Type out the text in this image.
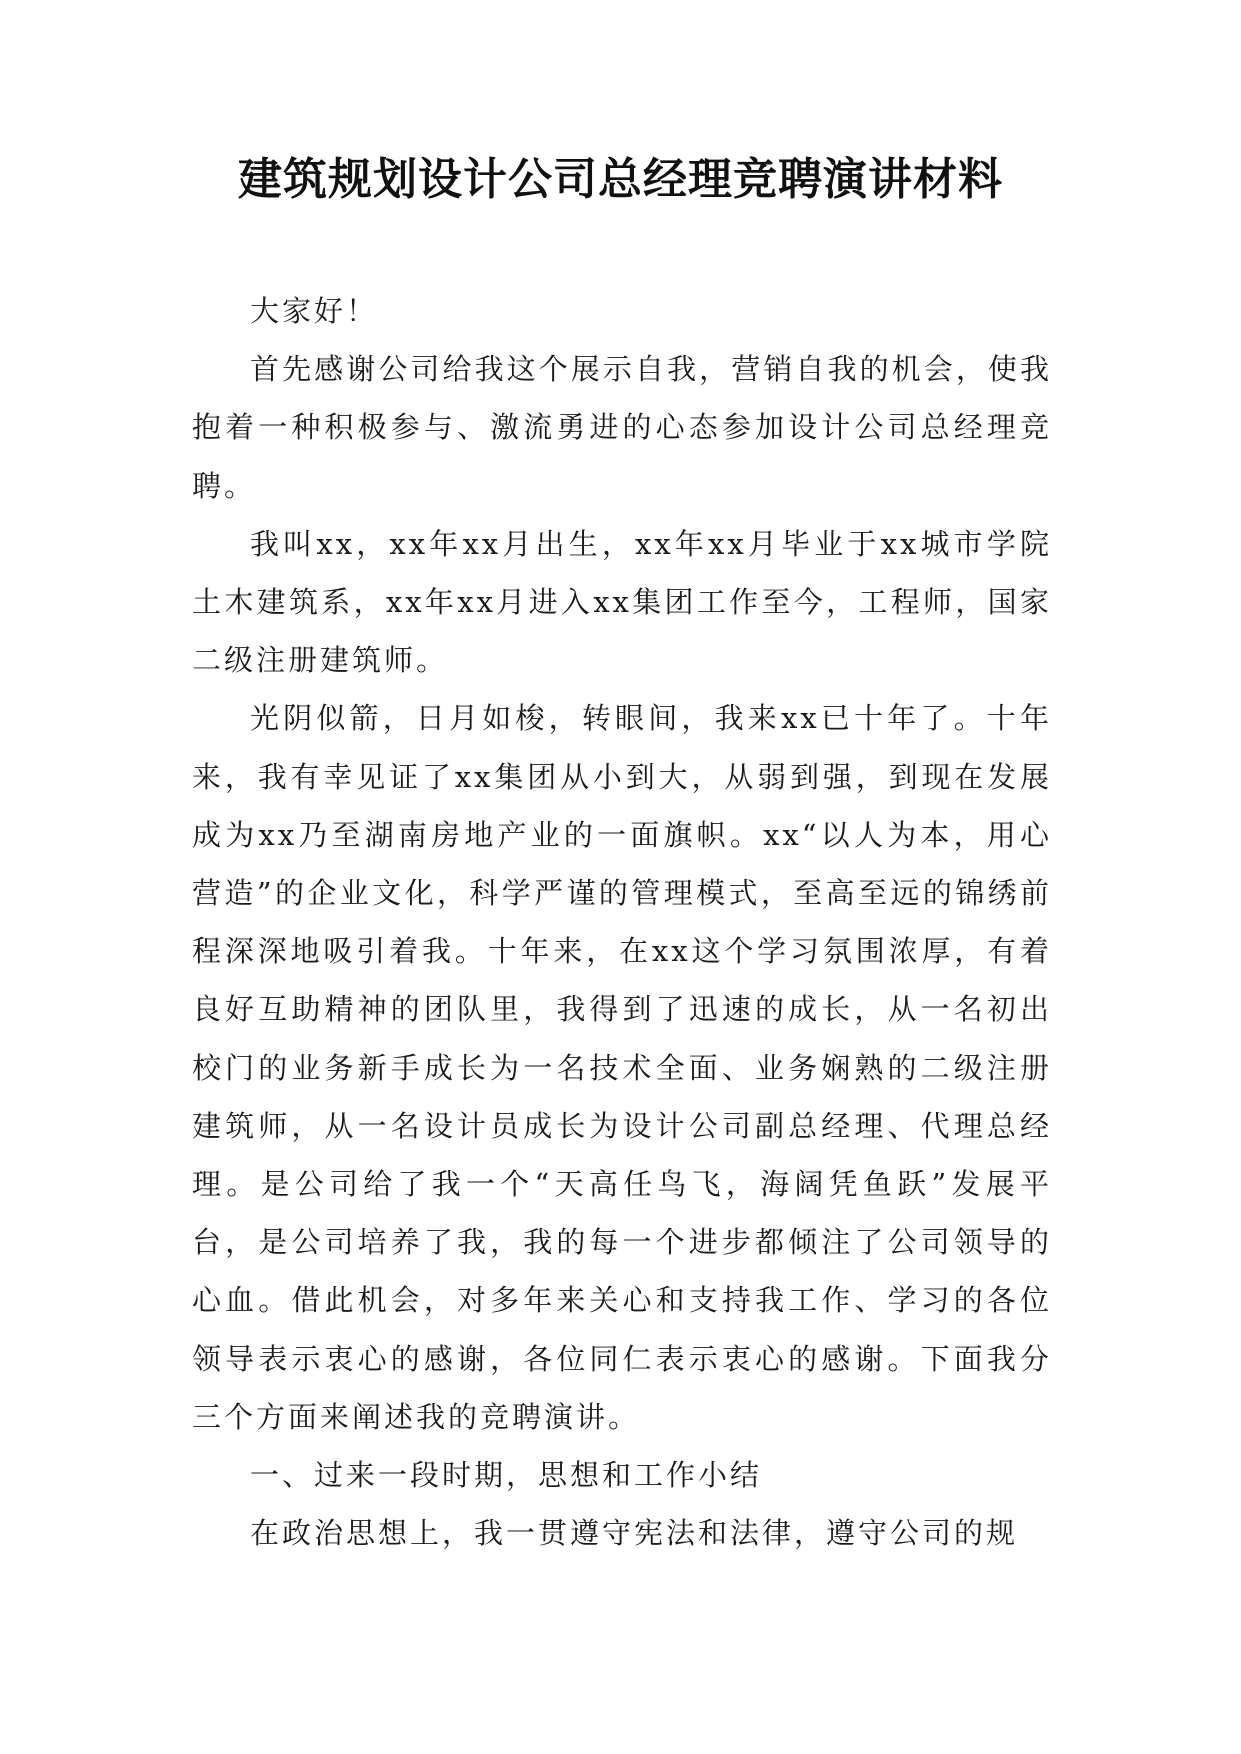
建筑规划设计公司总经理竞聘演讲材料

大家好！

首先感谢公司给我这个展示自我，营销自我的机会，使我抱着一种积极参与、激流勇进的心态参加设计公司总经理竞聘。

我叫xx，xx年xx月出生，xx年xx月毕业于xx城市学院土木建筑系，xx年xx月进入xx集团工作至今，工程师，国家二级注册建筑师。

光阴似箭，日月如梭，转眼间，我来xx已十年了。十年来，我有幸见证了xx集团从小到大，从弱到强，到现在发展成为xx乃至湖南房地产业的一面旗帜。xx“以人为本，用心营造”的企业文化，科学严谨的管理模式，至高至远的锦绣前程深深地吸引着我。十年来，在xx这个学习氛围浓厚，有着良好互助精神的团队里，我得到了迅速的成长，从一名初出校门的业务新手成长为一名技术全面、业务娴熟的二级注册建筑师，从一名设计员成长为设计公司副总经理、代理总经理。是公司给了我一个“天高任鸟飞，海阔凭鱼跃”发展平台，是公司培养了我，我的每一个进步都倾注了公司领导的心血。借此机会，对多年来关心和支持我工作、学习的各位领导表示衷心的感谢，各位同仁表示衷心的感谢。下面我分三个方面来阐述我的竞聘演讲。

一、过来一段时期，思想和工作小结

在政治思想上，我一贯遵守宪法和法律，遵守公司的规
